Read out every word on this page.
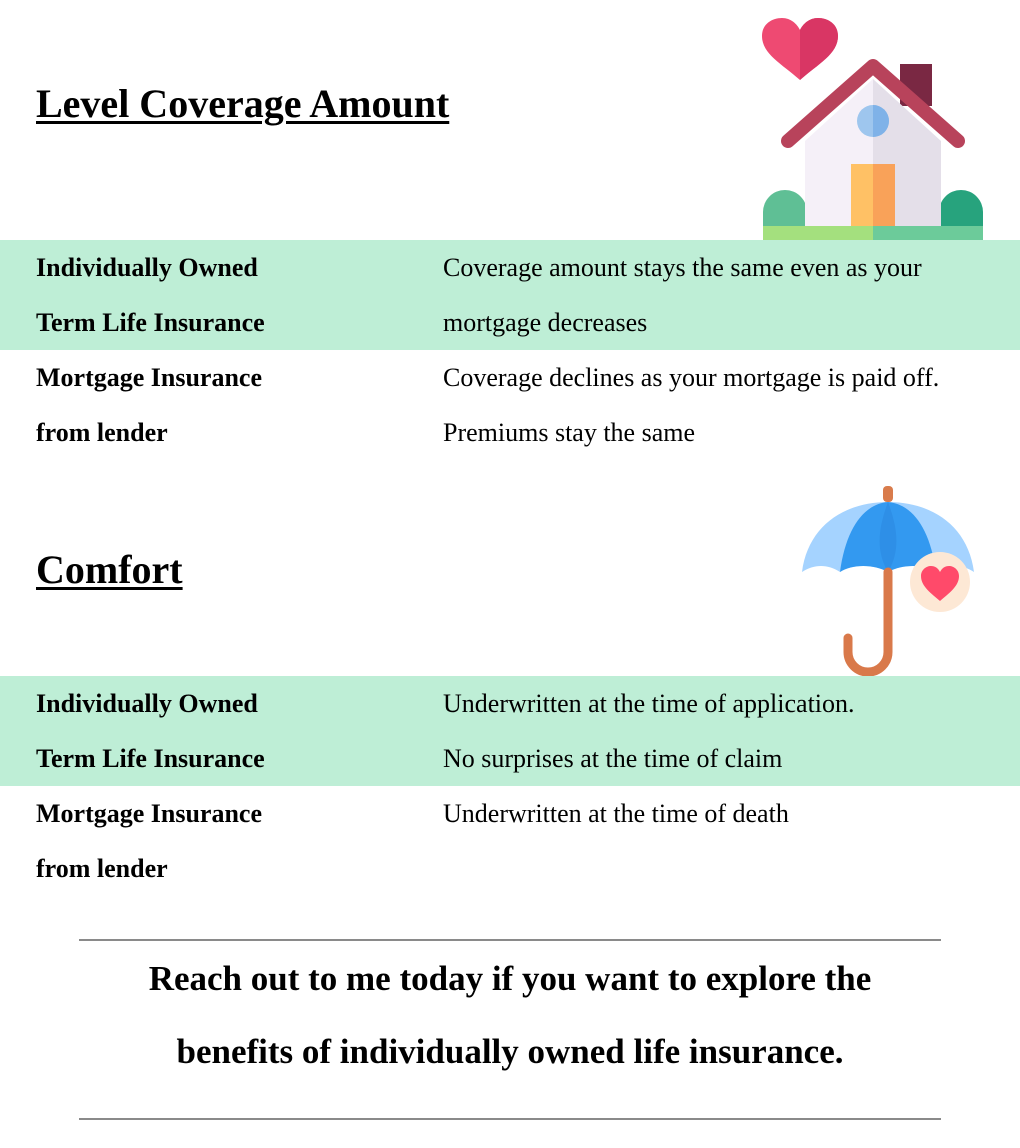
Level Coverage Amount
Individually Owned
Term Life Insurance
Coverage amount stays the same even as your
mortgage decreases
Mortgage Insurance
from lender
Coverage declines as your mortgage is paid off.
Premiums stay the same
Comfort
Individually Owned
Term Life Insurance
Underwritten at the time of application.
No surprises at the time of claim
Mortgage Insurance
from lender
Underwritten at the time of death
Reach out to me today if you want to explore the
benefits of individually owned life insurance.
